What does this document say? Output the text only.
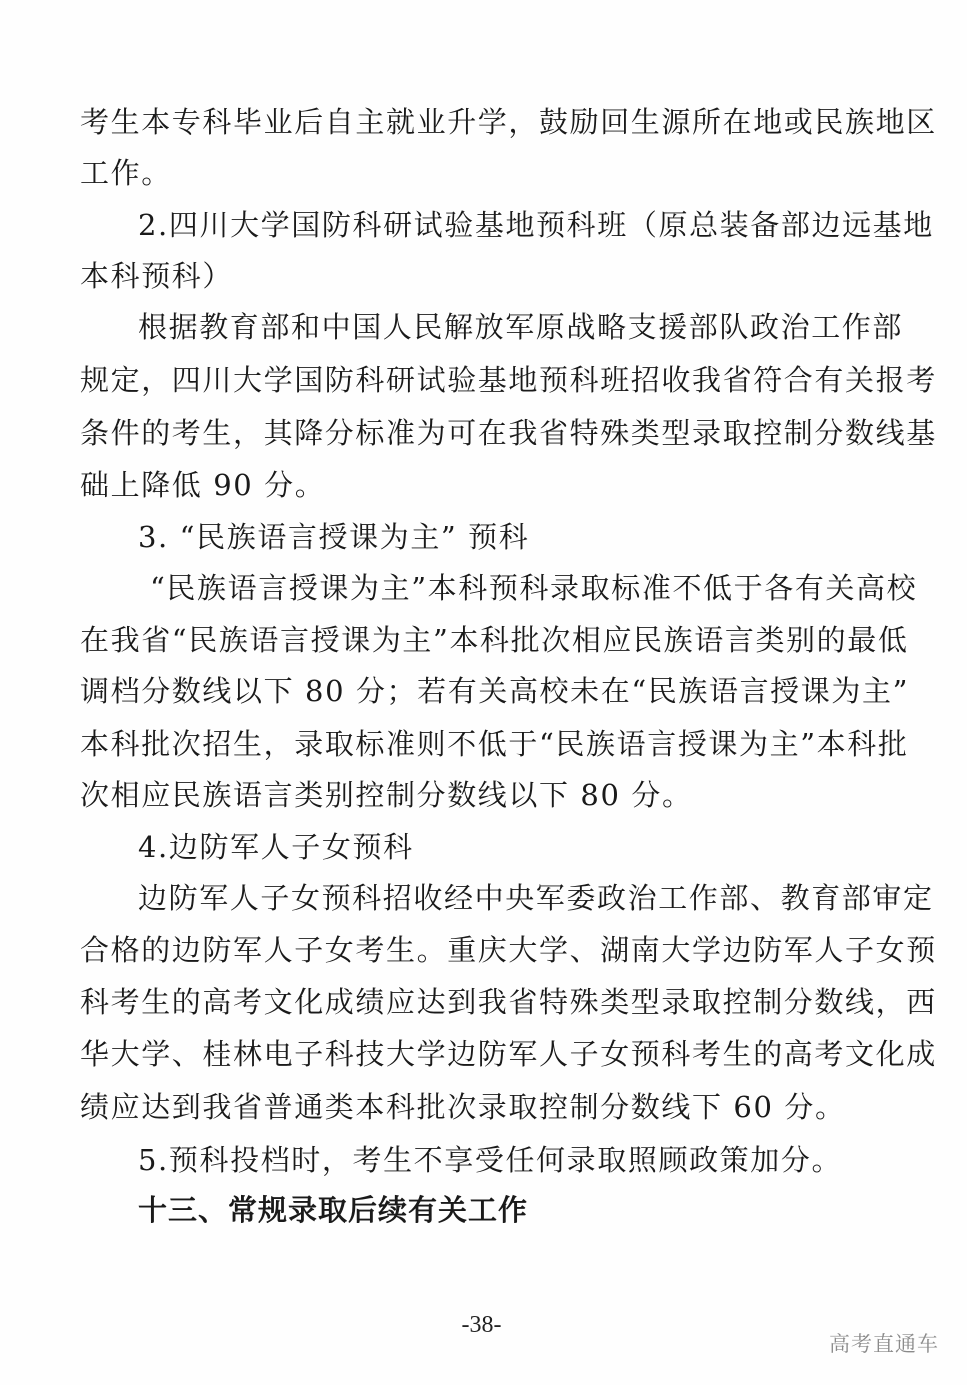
考生本专科毕业后自主就业升学，鼓励回生源所在地或民族地区
工作。
2.四川大学国防科研试验基地预科班（原总装备部边远基地
本科预科）
根据教育部和中国人民解放军原战略支援部队政治工作部
规定，四川大学国防科研试验基地预科班招收我省符合有关报考
条件的考生，其降分标准为可在我省特殊类型录取控制分数线基
础上降低 90 分。
3. “民族语言授课为主” 预科
“民族语言授课为主”本科预科录取标准不低于各有关高校
在我省“民族语言授课为主”本科批次相应民族语言类别的最低
调档分数线以下 80 分；若有关高校未在“民族语言授课为主”
本科批次招生，录取标准则不低于“民族语言授课为主”本科批
次相应民族语言类别控制分数线以下 80 分。
4.边防军人子女预科
边防军人子女预科招收经中央军委政治工作部、教育部审定
合格的边防军人子女考生。重庆大学、湖南大学边防军人子女预
科考生的高考文化成绩应达到我省特殊类型录取控制分数线，西
华大学、桂林电子科技大学边防军人子女预科考生的高考文化成
绩应达到我省普通类本科批次录取控制分数线下 60 分。
5.预科投档时，考生不享受任何录取照顾政策加分。
十三、常规录取后续有关工作
-38-
高考直通车
